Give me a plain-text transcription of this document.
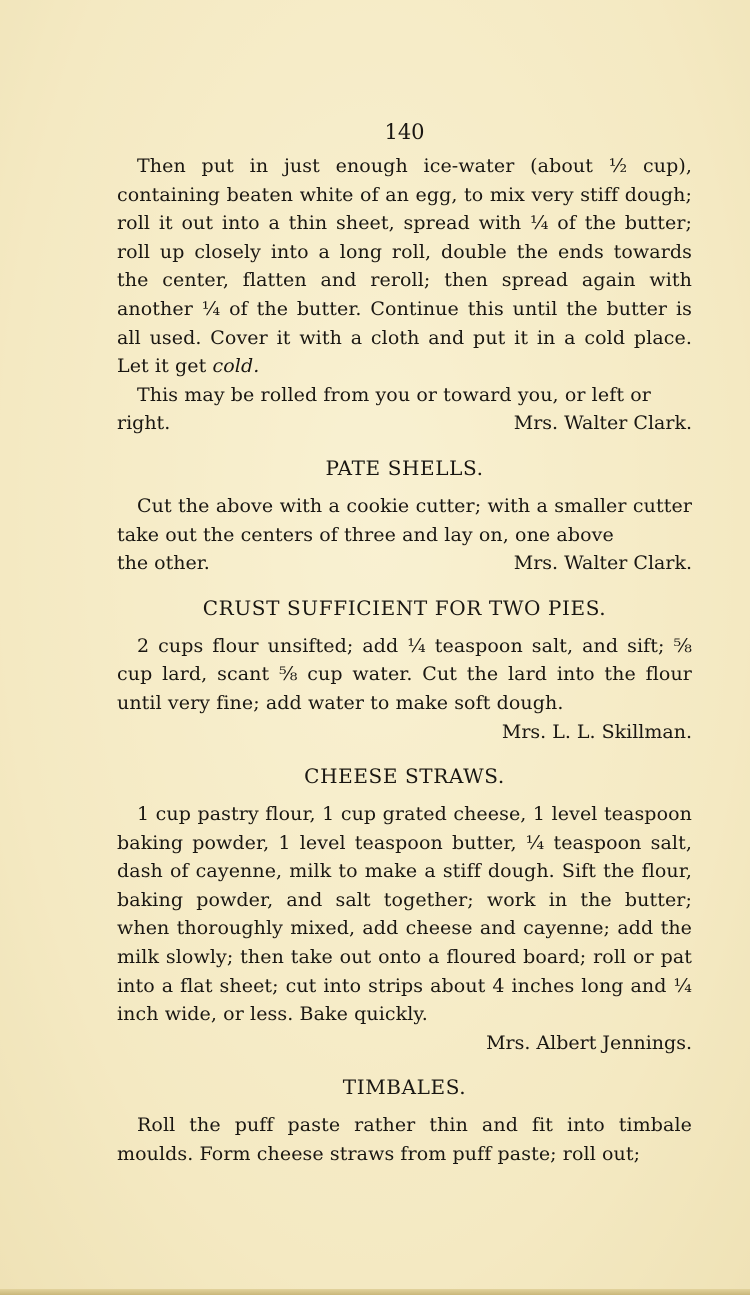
140

Then put in just enough ice-water (about ½ cup), containing beaten white of an egg, to mix very stiff dough; roll it out into a thin sheet, spread with ¼ of the butter; roll up closely into a long roll, double the ends towards the center, flatten and reroll; then spread again with another ¼ of the butter. Continue this until the butter is all used. Cover it with a cloth and put it in a cold place. Let it get cold.

This may be rolled from you or toward you, or left or

right.	Mrs. Walter Clark.
PATE SHELLS.

Cut the above with a cookie cutter; with a smaller cutter take out the centers of three and lay on, one above

the other.	Mrs. Walter Clark.
CRUST SUFFICIENT FOR TWO PIES.

2 cups flour unsifted; add ¼ teaspoon salt, and sift; ⅝ cup lard, scant ⅝ cup water. Cut the lard into the flour until very fine; add water to make soft dough.

Mrs. L. L. Skillman.
CHEESE STRAWS.

1 cup pastry flour, 1 cup grated cheese, 1 level teaspoon baking powder, 1 level teaspoon butter, ¼ teaspoon salt, dash of cayenne, milk to make a stiff dough. Sift the flour, baking powder, and salt together; work in the butter; when thoroughly mixed, add cheese and cayenne; add the milk slowly; then take out onto a floured board; roll or pat into a flat sheet; cut into strips about 4 inches long and ¼ inch wide, or less. Bake quickly.

Mrs. Albert Jennings.
TIMBALES.

Roll the puff paste rather thin and fit into timbale moulds. Form cheese straws from puff paste; roll out;
